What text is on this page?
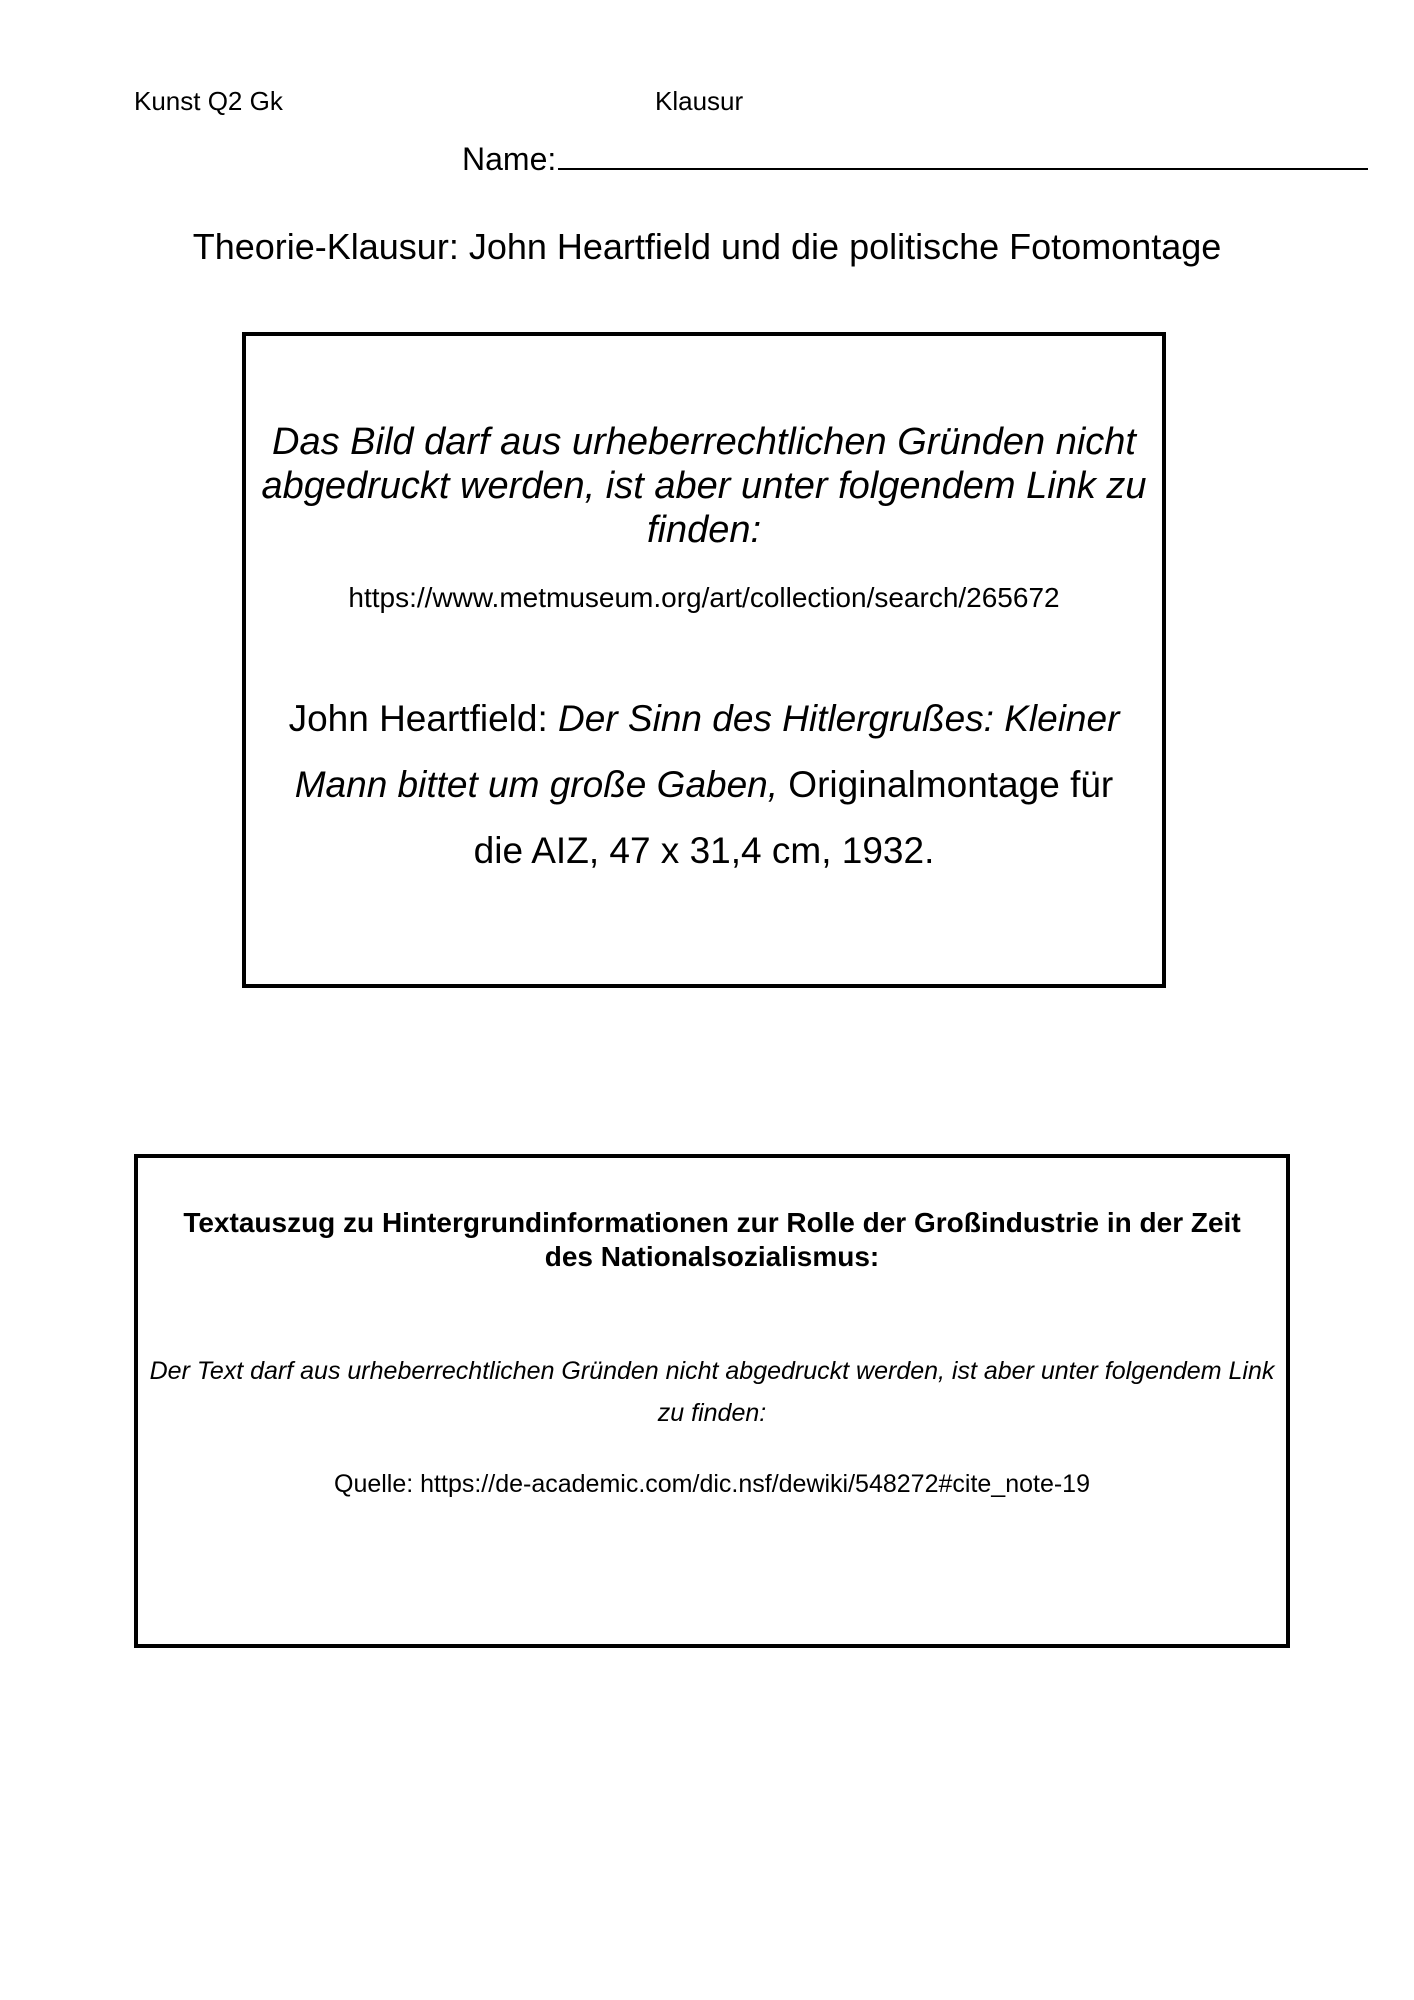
Kunst Q2 Gk	Klausur
Name:
Theorie-Klausur: John Heartfield und die politische Fotomontage
Das Bild darf aus urheberrechtlichen Gründen nicht abgedruckt werden, ist aber unter folgendem Link zu finden:
https://www.metmuseum.org/art/collection/search/265672
John Heartfield: Der Sinn des Hitlergrußes: Kleiner Mann bittet um große Gaben, Originalmontage für die AIZ, 47 x 31,4 cm, 1932.
Textauszug zu Hintergrundinformationen zur Rolle der Großindustrie in der Zeit des Nationalsozialismus:
Der Text darf aus urheberrechtlichen Gründen nicht abgedruckt werden, ist aber unter folgendem Link zu finden:
Quelle: https://de-academic.com/dic.nsf/dewiki/548272#cite_note-19
